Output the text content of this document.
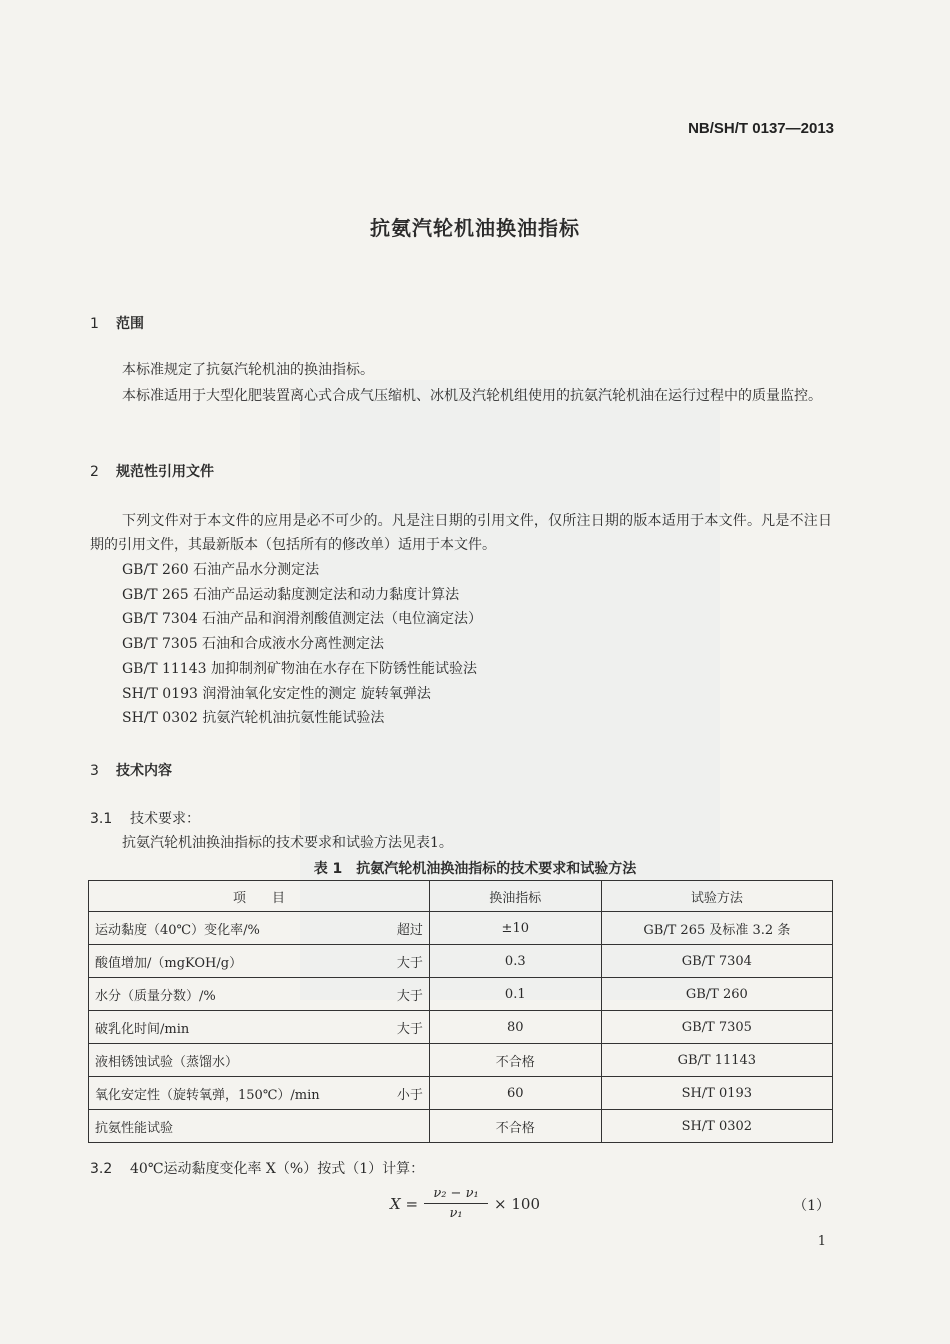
NB/SH/T 0137—2013
抗氨汽轮机油换油指标
1 范围
本标准规定了抗氨汽轮机油的换油指标。
本标准适用于大型化肥装置离心式合成气压缩机、冰机及汽轮机组使用的抗氨汽轮机油在运行过程中的质量监控。
2 规范性引用文件
下列文件对于本文件的应用是必不可少的。凡是注日期的引用文件，仅所注日期的版本适用于本文件。凡是不注日期的引用文件，其最新版本（包括所有的修改单）适用于本文件。
GB/T 260 石油产品水分测定法
GB/T 265 石油产品运动黏度测定法和动力黏度计算法
GB/T 7304 石油产品和润滑剂酸值测定法（电位滴定法）
GB/T 7305 石油和合成液水分离性测定法
GB/T 11143 加抑制剂矿物油在水存在下防锈性能试验法
SH/T 0193 润滑油氧化安定性的测定 旋转氧弹法
SH/T 0302 抗氨汽轮机油抗氨性能试验法
3 技术内容
3.1 技术要求：
抗氨汽轮机油换油指标的技术要求和试验方法见表1。
表 1　抗氨汽轮机油换油指标的技术要求和试验方法
项　　目	换油指标	试验方法

运动黏度（40℃）变化率/% 超过	±10	GB/T 265 及标准 3.2 条

酸值增加/（mgKOH/g） 大于	0.3	GB/T 7304

水分（质量分数）/% 大于	0.1	GB/T 260

破乳化时间/min 大于	80	GB/T 7305

液相锈蚀试验（蒸馏水）	不合格	GB/T 11143

氧化安定性（旋转氧弹，150℃）/min 小于	60	SH/T 0193

抗氨性能试验	不合格	SH/T 0302
3.2 40℃运动黏度变化率 X（%）按式（1）计算：
$X = \frac{\text{ν₂ − ν₁}}{\text{ν₁}} \times 100$	（1）
1
